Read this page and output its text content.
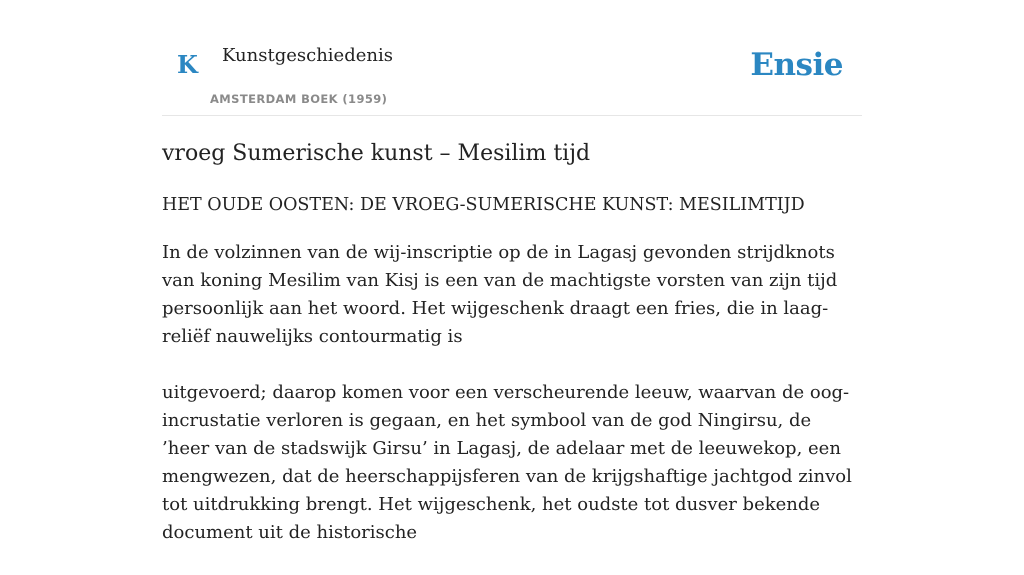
K Kunstgeschiedenis
AMSTERDAM BOEK (1959)
Ensie
vroeg Sumerische kunst – Mesilim tijd
HET OUDE OOSTEN: DE VROEG-SUMERISCHE KUNST: MESILIMTIJD

In de volzinnen van de wij-inscriptie op de in Lagasj gevonden strijdknots van koning Mesilim van Kisj is een van de machtigste vorsten van zijn tijd persoonlijk aan het woord. Het wijgeschenk draagt een fries, die in laag-reliëf nauwelijks contourmatig is

uitgevoerd; daarop komen voor een verscheurende leeuw, waarvan de oog-incrustatie verloren is gegaan, en het symbool van de god Ningirsu, de ’heer van de stadswijk Girsu’ in Lagasj, de adelaar met de leeuwekop, een mengwezen, dat de heerschappijsferen van de krijgshaftige jachtgod zinvol tot uitdrukking brengt. Het wijgeschenk, het oudste tot dusver bekende document uit de historische
